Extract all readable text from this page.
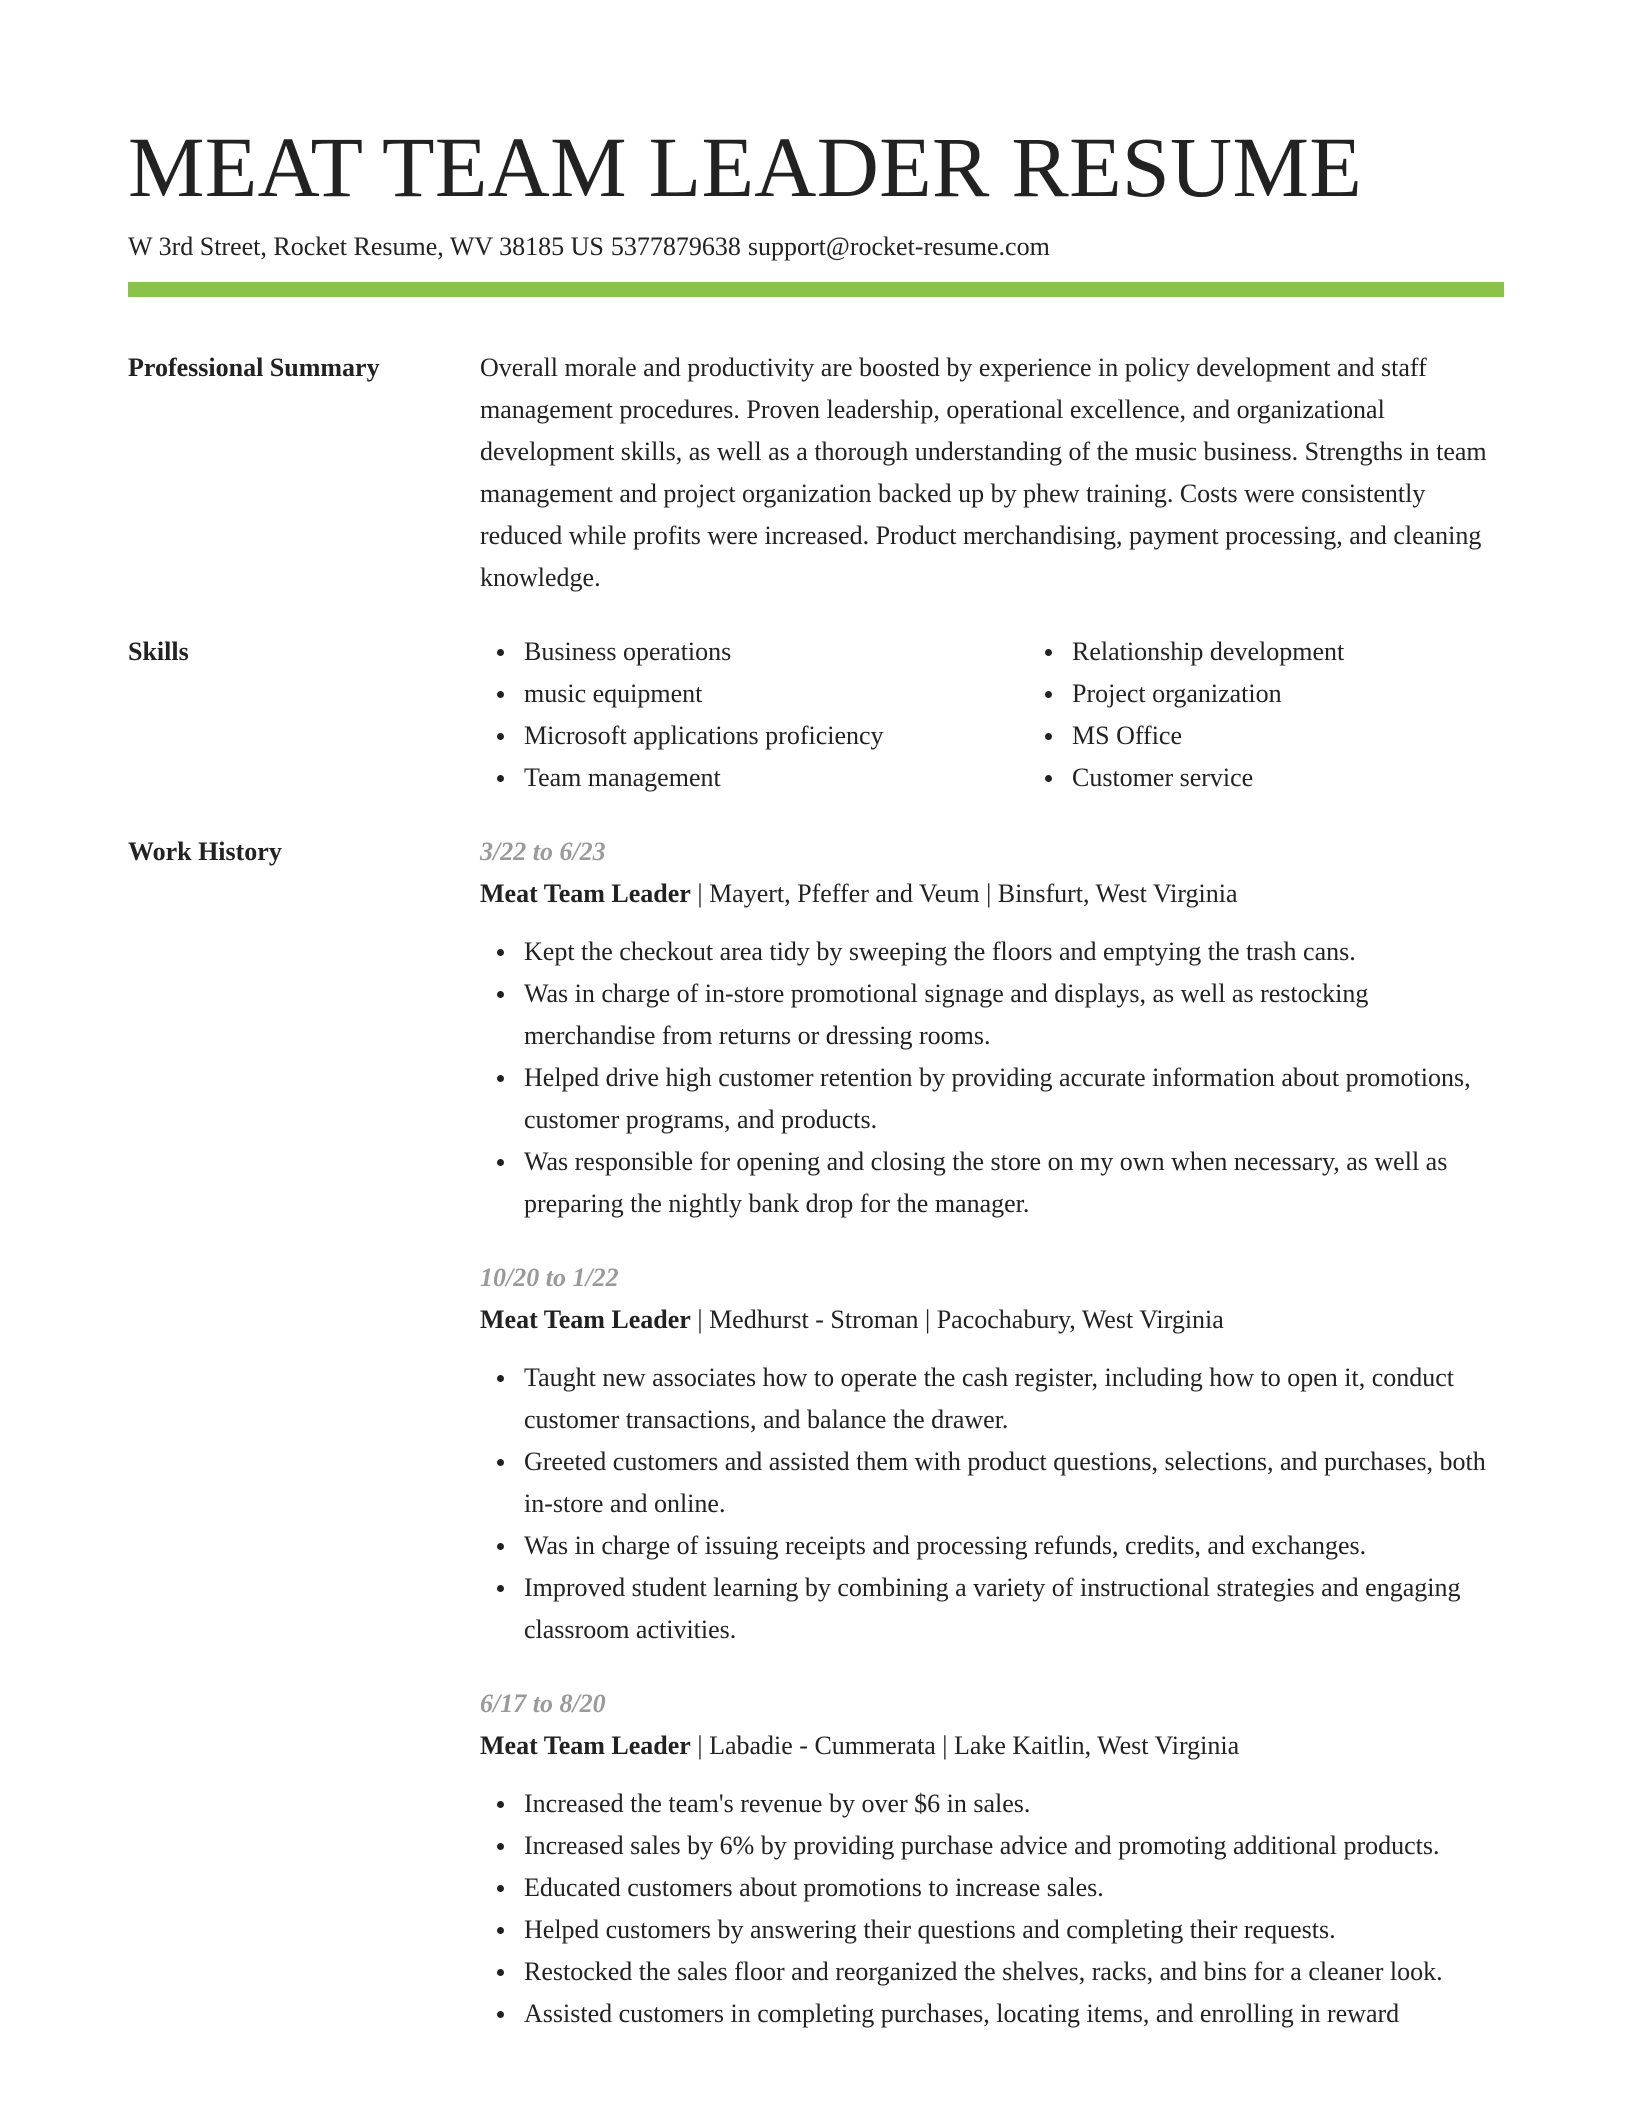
MEAT TEAM LEADER RESUME
W 3rd Street, Rocket Resume, WV 38185 US 5377879638 support@rocket-resume.com
Professional Summary	Overall morale and productivity are boosted by experience in policy development and staff management procedures. Proven leadership, operational excellence, and organizational development skills, as well as a thorough understanding of the music business. Strengths in team management and project organization backed up by phew training. Costs were consistently reduced while profits were increased. Product merchandising, payment processing, and cleaning knowledge.

Skills	Business operations
music equipment
Microsoft applications proficiency
Team management
Relationship development
Project organization
MS Office
Customer service
Work History	3/22 to 6/23
Meat Team Leader | Mayert, Pfeffer and Veum | Binsfurt, West Virginia
Kept the checkout area tidy by sweeping the floors and emptying the trash cans.
Was in charge of in-store promotional signage and displays, as well as restocking merchandise from returns or dressing rooms.
Helped drive high customer retention by providing accurate information about promotions, customer programs, and products.
Was responsible for opening and closing the store on my own when necessary, as well as preparing the nightly bank drop for the manager.
10/20 to 1/22
Meat Team Leader | Medhurst - Stroman | Pacochabury, West Virginia
Taught new associates how to operate the cash register, including how to open it, conduct customer transactions, and balance the drawer.
Greeted customers and assisted them with product questions, selections, and purchases, both in-store and online.
Was in charge of issuing receipts and processing refunds, credits, and exchanges.
Improved student learning by combining a variety of instructional strategies and engaging classroom activities.
6/17 to 8/20
Meat Team Leader | Labadie - Cummerata | Lake Kaitlin, West Virginia
Increased the team's revenue by over $6 in sales.
Increased sales by 6% by providing purchase advice and promoting additional products.
Educated customers about promotions to increase sales.
Helped customers by answering their questions and completing their requests.
Restocked the sales floor and reorganized the shelves, racks, and bins for a cleaner look.
Assisted customers in completing purchases, locating items, and enrolling in reward
